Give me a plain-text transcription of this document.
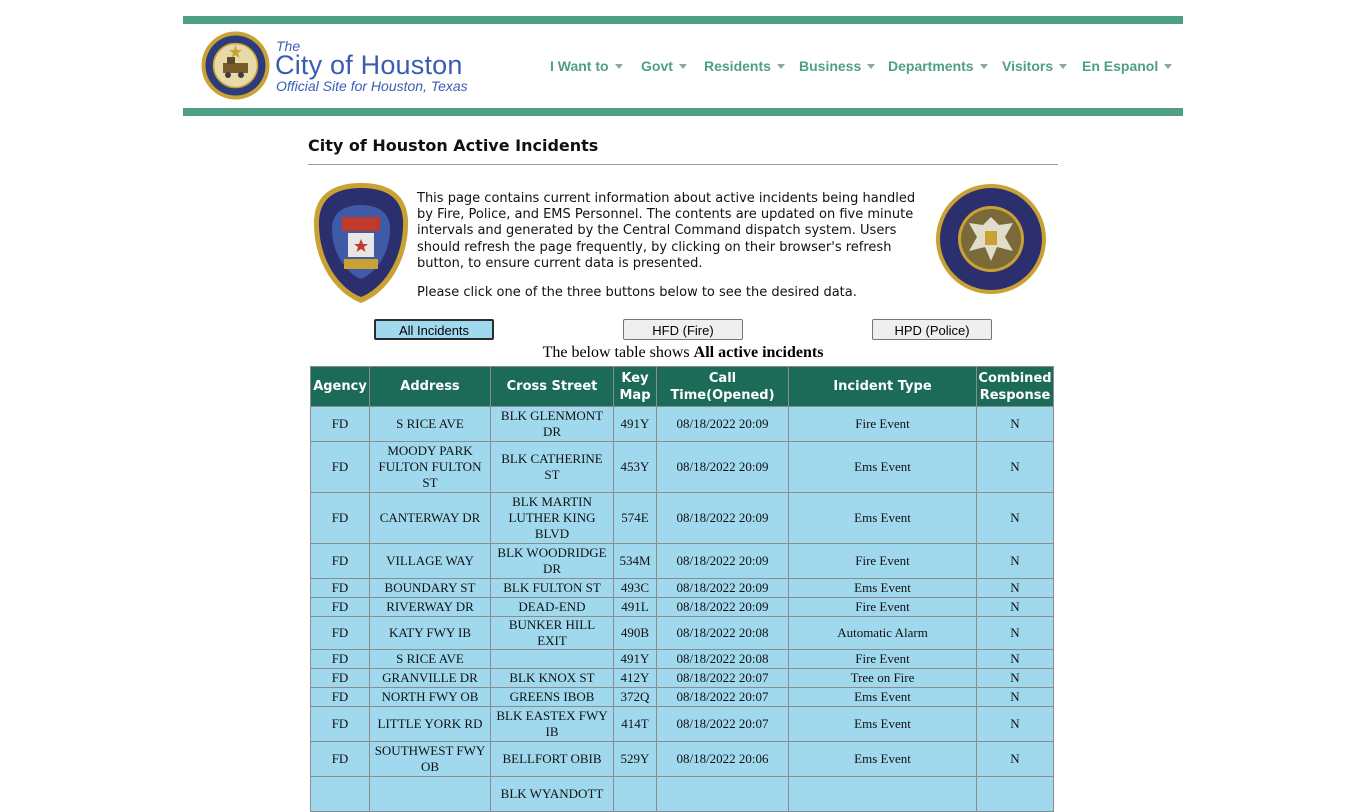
The
City of Houston
Official Site for Houston, Texas
I Want to	Govt	Residents	Business	Departments	Visitors	En Espanol
City of Houston Active Incidents
This page contains current information about active incidents being handled by Fire, Police, and EMS Personnel. The contents are updated on five minute intervals and generated by the Central Command dispatch system. Users should refresh the page frequently, by clicking on their browser's refresh button, to ensure current data is presented.
Please click one of the three buttons below to see the desired data.
All Incidents	HFD (Fire)	HPD (Police)
The below table shows All active incidents
Agency	Address	Cross Street	Key Map	Call Time(Opened)	Incident Type	Combined Response
FD	S RICE AVE	BLK GLENMONT DR	491Y	08/18/2022 20:09	Fire Event	N
FD	MOODY PARK FULTON FULTON ST	BLK CATHERINE ST	453Y	08/18/2022 20:09	Ems Event	N
FD	CANTERWAY DR	BLK MARTIN LUTHER KING BLVD	574E	08/18/2022 20:09	Ems Event	N
FD	VILLAGE WAY	BLK WOODRIDGE DR	534M	08/18/2022 20:09	Fire Event	N
FD	BOUNDARY ST	BLK FULTON ST	493C	08/18/2022 20:09	Ems Event	N
FD	RIVERWAY DR	DEAD-END	491L	08/18/2022 20:09	Fire Event	N
FD	KATY FWY IB	BUNKER HILL EXIT	490B	08/18/2022 20:08	Automatic Alarm	N
FD	S RICE AVE		491Y	08/18/2022 20:08	Fire Event	N
FD	GRANVILLE DR	BLK KNOX ST	412Y	08/18/2022 20:07	Tree on Fire	N
FD	NORTH FWY OB	GREENS IBOB	372Q	08/18/2022 20:07	Ems Event	N
FD	LITTLE YORK RD	BLK EASTEX FWY IB	414T	08/18/2022 20:07	Ems Event	N
FD	SOUTHWEST FWY OB	BELLFORT OBIB	529Y	08/18/2022 20:06	Ems Event	N
		BLK WYANDOTT				
